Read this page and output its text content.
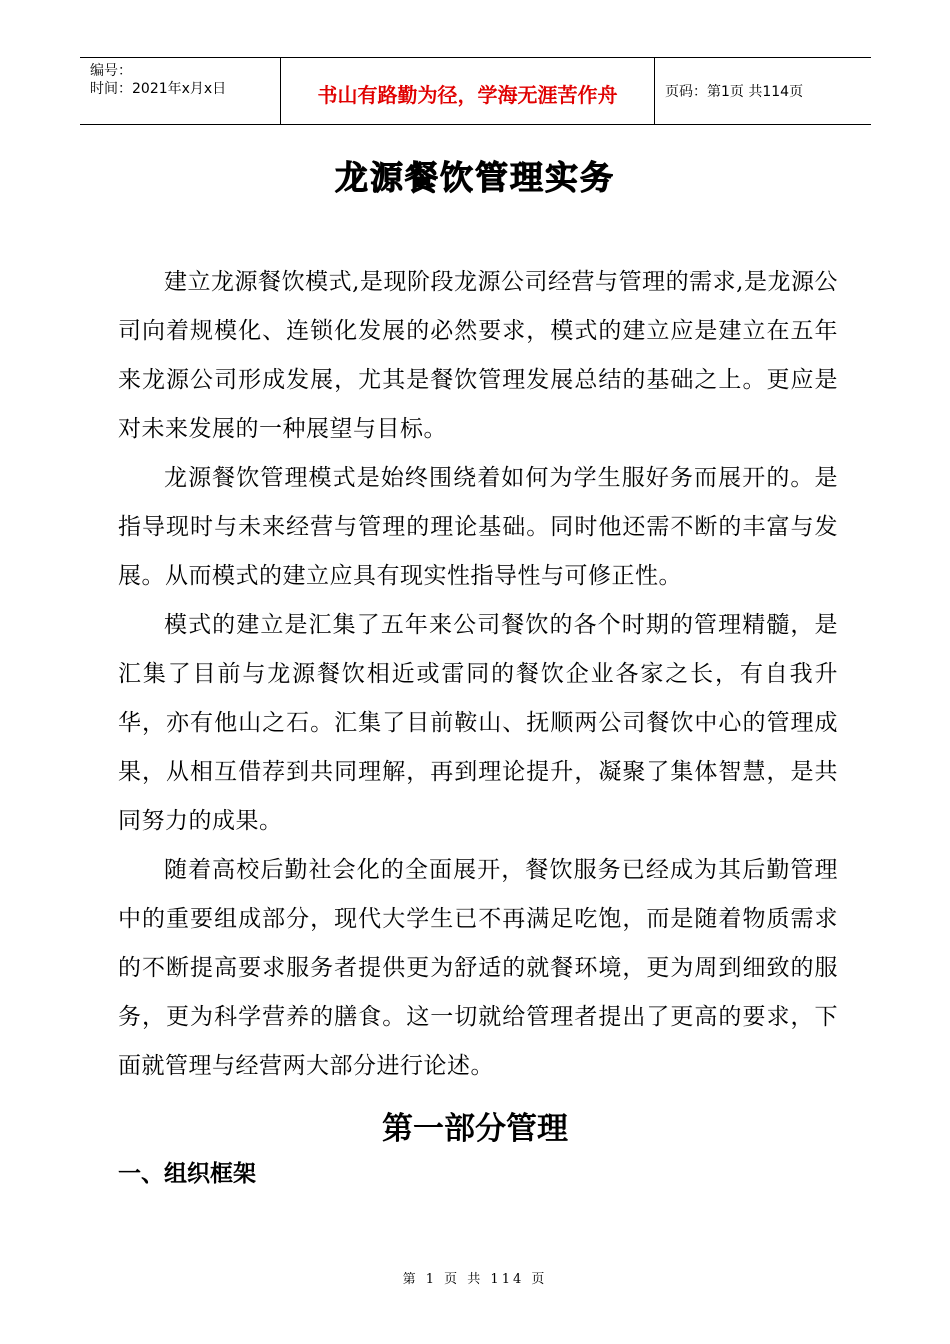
编号：
时间：2021年x月x日	书山有路勤为径，学海无涯苦作舟	页码：第1页 共114页
龙源餐饮管理实务

建立龙源餐饮模式,是现阶段龙源公司经营与管理的需求,是龙源公司向着规模化、连锁化发展的必然要求，模式的建立应是建立在五年来龙源公司形成发展，尤其是餐饮管理发展总结的基础之上。更应是对未来发展的一种展望与目标。

龙源餐饮管理模式是始终围绕着如何为学生服好务而展开的。是指导现时与未来经营与管理的理论基础。同时他还需不断的丰富与发展。从而模式的建立应具有现实性指导性与可修正性。

模式的建立是汇集了五年来公司餐饮的各个时期的管理精髓，是汇集了目前与龙源餐饮相近或雷同的餐饮企业各家之长，有自我升华，亦有他山之石。汇集了目前鞍山、抚顺两公司餐饮中心的管理成果，从相互借荐到共同理解，再到理论提升，凝聚了集体智慧，是共同努力的成果。

随着高校后勤社会化的全面展开，餐饮服务已经成为其后勤管理中的重要组成部分，现代大学生已不再满足吃饱，而是随着物质需求的不断提高要求服务者提供更为舒适的就餐环境，更为周到细致的服务，更为科学营养的膳食。这一切就给管理者提出了更高的要求，下面就管理与经营两大部分进行论述。

第一部分管理
一、组织框架
第 1 页 共 114 页
